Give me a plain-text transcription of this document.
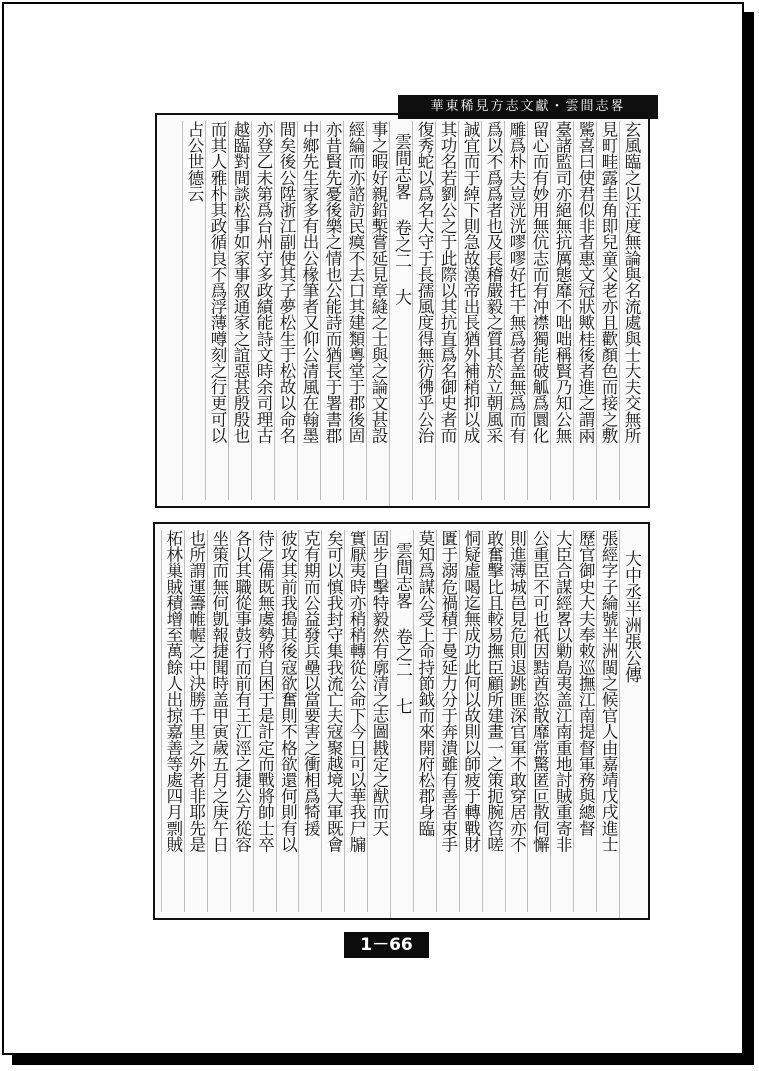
華東稀見方志文獻・雲間志畧
玄風臨之以汪度無論與名流處與士大夫交無所
見町畦露圭角即兒童父老亦且歡顏色而接之敷
騭喜曰使君似非者惠文冠狀歟桂後者進之謂兩
臺諸監司亦絕無抗厲態靡不咄咄稱賢乃知公無
留心而有妙用無伉志而有冲襟獨能破觚爲圜化
雕爲朴夫豈洸洸嘐嘐好托干無爲者盖無爲而有
爲以不爲爲者也及長稽嚴毅之質其於立朝風采
誠宜而于綽下則急故漢帝出長猶外補稍抑以成
其功名若劉公之于此際以其抗直爲名御史者而
復秀蛇以爲名大守于長孺風度得無彷彿乎公治
雲間志畧 卷之二 大
事之暇好親鉛槧嘗延見章縫之士與之論文甚設
經綸而亦諮訪民瘼不去口其建類粵堂于郡後固
亦昔賢先憂後樂之情也公能詩而猶長于署書郡
中鄉先生家多有出公椽筆者又仰公清風在翰墨
間矣後公陞浙江副使其子夢松生于松故以命名
亦登乙未第爲台州守多政績能詩文時余司理古
越臨對間談松事如家事叙通家之誼惡甚殷殷也
而其人雅朴其政循良不爲浮薄噂刻之行更可以
占公世德云
大中丞半洲張公傳
張經字子綸號半洲閩之候官人由嘉靖戊戌進士
歷官御史大夫奉敕巡撫江南提督軍務與總督
大臣合謀經畧以勦島夷盖江南重地討賊重寄非
公重臣不可也祇因黠酋恣散靡常驚匿叵散伺懈
則進薄城邑見危則退跳匪深官軍不敢穿居亦不
敢奮擊比且較易撫臣顧所建畫一之策扼腕咨嗟
恫疑虛喝迄無成功此何以故則以師疲于轉戰財
匱于溺危禍積于曼延力分于奔潰雖有善者束手
莫知爲謀公受上命持節鉞而來開府松郡身臨
雲間志畧 卷之二 七
固步自擊特毅然有廓清之志圖戡定之猷而天
實厭夷時亦稍稍轉從公命下今日可以華我尸牖
矣可以慎我封守集我流亡夫寇聚越境大軍既會
克有期而公益發兵壘以當要害之衝相爲犄援
彼攻其前我搗其後寇欲奮則不格欲還何則有以
待之備既無虞勢將自困于是計定而戰將帥士卒
各以其職從事鼓行而前有王江涇之捷公方從容
坐策而無何凱報捷聞時盖甲寅歲五月之庚午日
也所謂運籌帷幄之中決勝千里之外者非耶先是
柘林巢賊積增至萬餘人出掠嘉善等處四月剽賊
1－66
